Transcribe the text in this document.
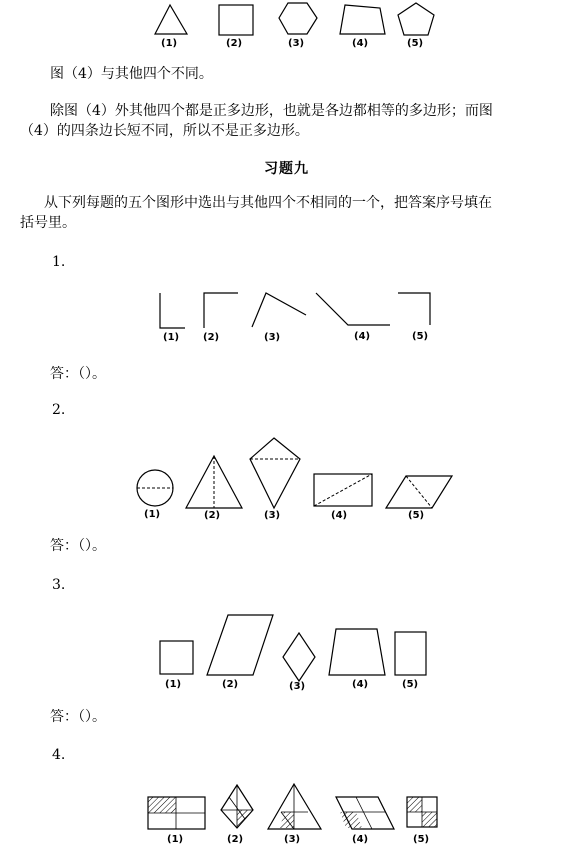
(1)	(2)	(3)	(4)	(5)
图（4）与其他四个不同。
除图（4）外其他四个都是正多边形，也就是各边都相等的多边形；而图
（4）的四条边长短不同，所以不是正多边形。
习题九
从下列每题的五个图形中选出与其他四个不相同的一个，把答案序号填在
括号里。
1.
(1) (2)	(3)	(4)	(5)
答：（）。
2.
(1)	(2)	(3)	(4)	(5)
答：（）。
3.
(1)	(2)	(3)	(4)	(5)
答：（）。
4.
(1)	(2)	(3)	(4)	(5)
